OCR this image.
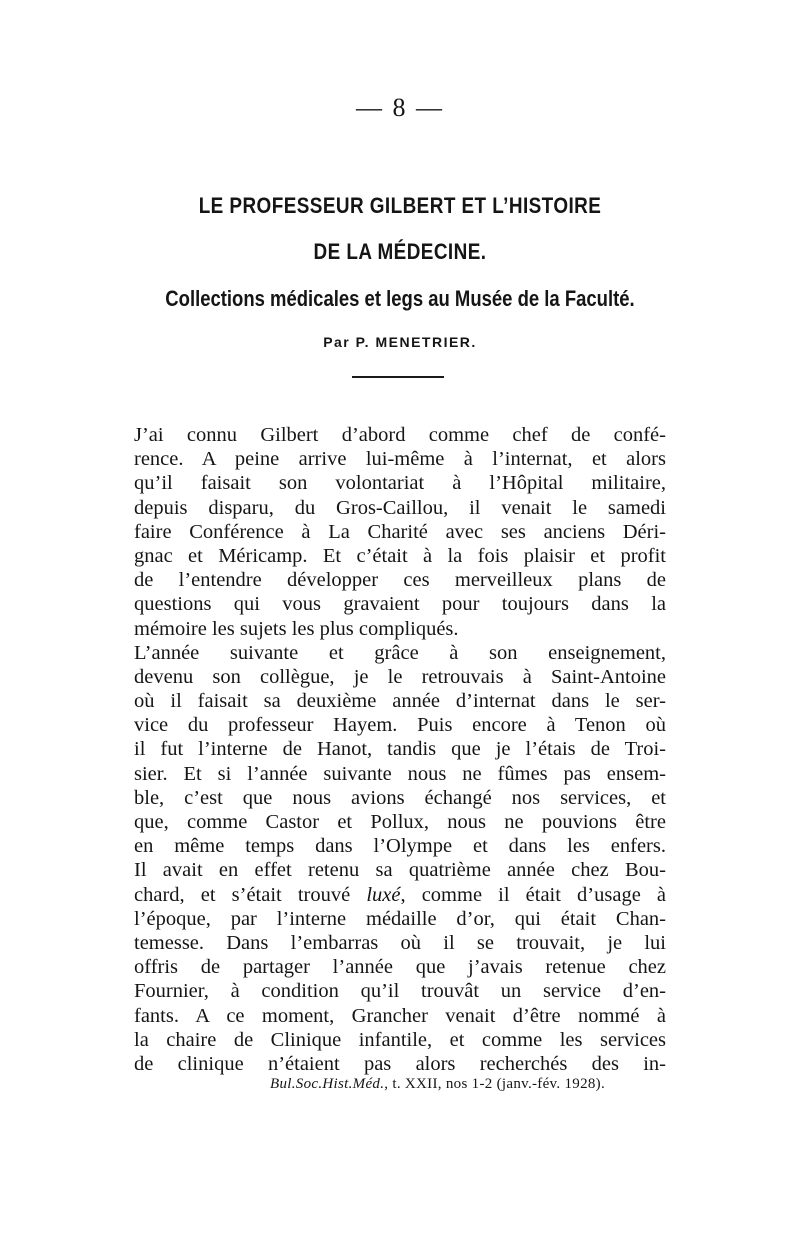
— 8 —
LE PROFESSEUR GILBERT ET L’HISTOIRE
DE LA MÉDECINE.
Collections médicales et legs au Musée de la Faculté.
Par P. MENETRIER.
J’ai connu Gilbert d’abord comme chef de confé-
rence. A peine arrive lui-même à l’internat, et alors
qu’il faisait son volontariat à l’Hôpital militaire,
depuis disparu, du Gros-Caillou, il venait le samedi
faire Conférence à La Charité avec ses anciens Déri-
gnac et Méricamp. Et c’était à la fois plaisir et profit
de l’entendre développer ces merveilleux plans de
questions qui vous gravaient pour toujours dans la
mémoire les sujets les plus compliqués.
L’année suivante et grâce à son enseignement,
devenu son collègue, je le retrouvais à Saint-Antoine
où il faisait sa deuxième année d’internat dans le ser-
vice du professeur Hayem. Puis encore à Tenon où
il fut l’interne de Hanot, tandis que je l’étais de Troi-
sier. Et si l’année suivante nous ne fûmes pas ensem-
ble, c’est que nous avions échangé nos services, et
que, comme Castor et Pollux, nous ne pouvions être
en même temps dans l’Olympe et dans les enfers.
Il avait en effet retenu sa quatrième année chez Bou-
chard, et s’était trouvé luxé, comme il était d’usage à
l’époque, par l’interne médaille d’or, qui était Chan-
temesse. Dans l’embarras où il se trouvait, je lui
offris de partager l’année que j’avais retenue chez
Fournier, à condition qu’il trouvât un service d’en-
fants. A ce moment, Grancher venait d’être nommé à
la chaire de Clinique infantile, et comme les services
de clinique n’étaient pas alors recherchés des in-
Bul.Soc.Hist.Méd., t. XXII, nos 1-2 (janv.-fév. 1928).
